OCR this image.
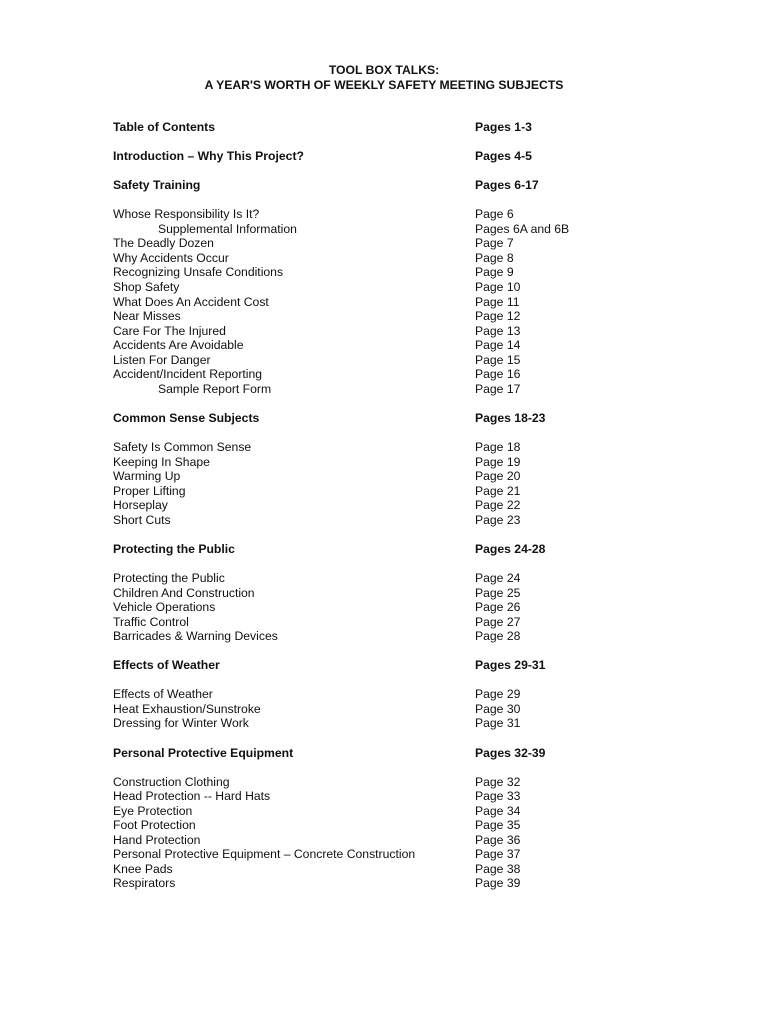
TOOL BOX TALKS:
A YEAR'S WORTH OF WEEKLY SAFETY MEETING SUBJECTS
Table of Contents	Pages 1-3
Introduction – Why This Project?	Pages 4-5
Safety Training	Pages 6-17
Whose Responsibility Is It?	Page 6
Supplemental Information	Pages 6A and 6B
The Deadly Dozen	Page 7
Why Accidents Occur	Page 8
Recognizing Unsafe Conditions	Page 9
Shop Safety	Page 10
What Does An Accident Cost	Page 11
Near Misses	Page 12
Care For The Injured	Page 13
Accidents Are Avoidable	Page 14
Listen For Danger	Page 15
Accident/Incident Reporting	Page 16
Sample Report Form	Page 17
Common Sense Subjects	Pages 18-23
Safety Is Common Sense	Page 18
Keeping In Shape	Page 19
Warming Up	Page 20
Proper Lifting	Page 21
Horseplay	Page 22
Short Cuts	Page 23
Protecting the Public	Pages 24-28
Protecting the Public	Page 24
Children And Construction	Page 25
Vehicle Operations	Page 26
Traffic Control	Page 27
Barricades & Warning Devices	Page 28
Effects of Weather	Pages 29-31
Effects of Weather	Page 29
Heat Exhaustion/Sunstroke	Page 30
Dressing for Winter Work	Page 31
Personal Protective Equipment	Pages 32-39
Construction Clothing	Page 32
Head Protection -- Hard Hats	Page 33
Eye Protection	Page 34
Foot Protection	Page 35
Hand Protection	Page 36
Personal Protective Equipment – Concrete Construction	Page 37
Knee Pads	Page 38
Respirators	Page 39
